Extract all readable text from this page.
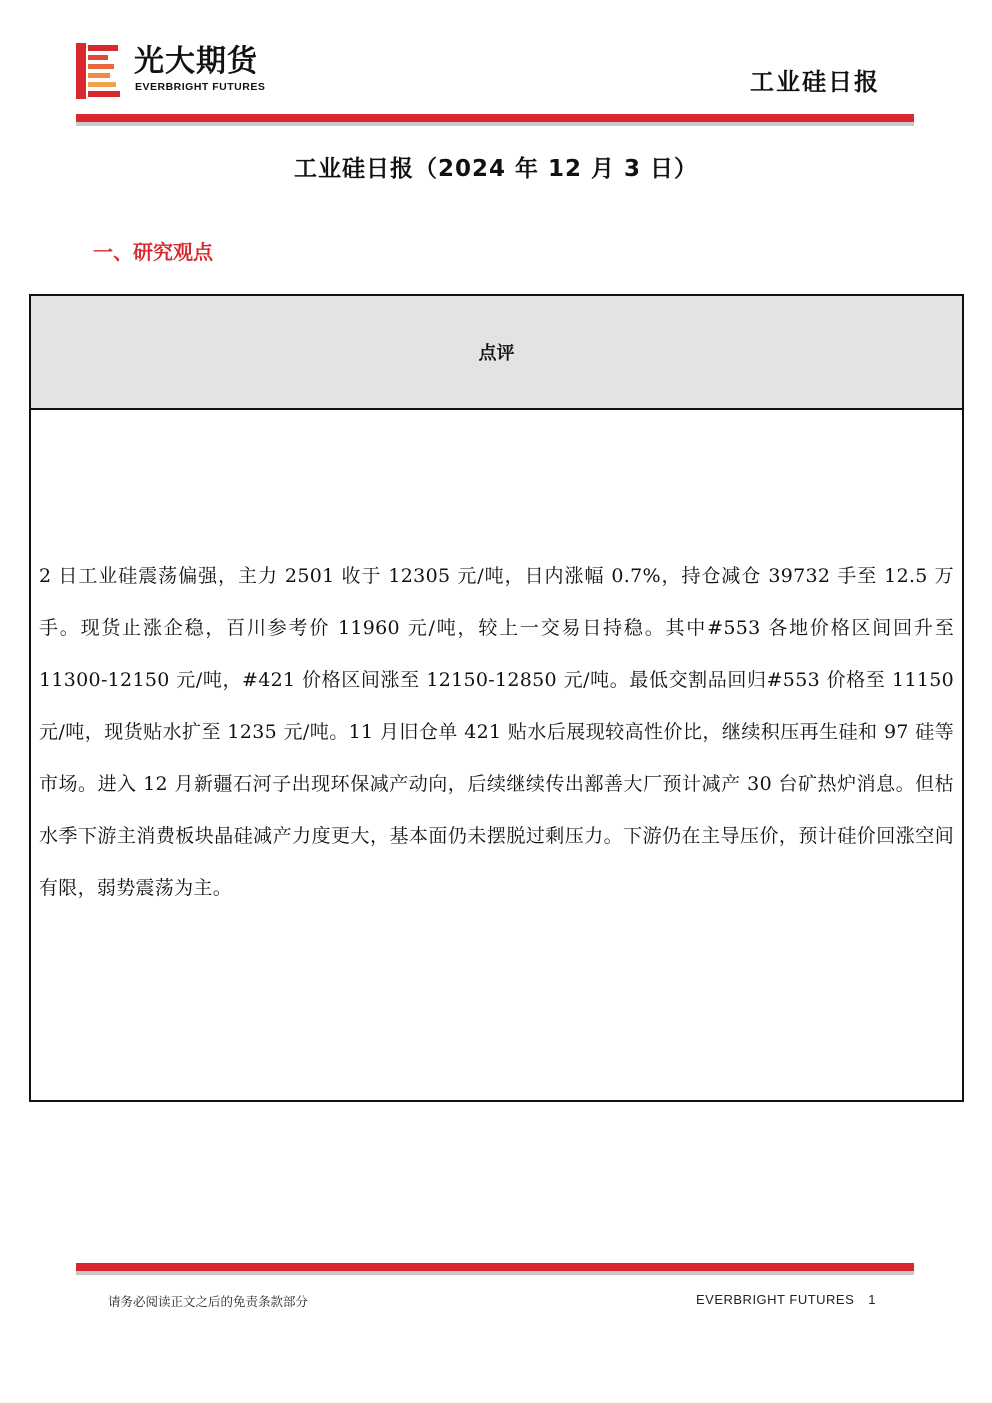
光大期货
EVERBRIGHT FUTURES	工业硅日报
工业硅日报（2024 年 12 月 3 日）
一、研究观点
点评
2 日工业硅震荡偏强，主力 2501 收于 12305 元/吨，日内涨幅 0.7%，持仓减仓 39732 手至 12.5 万手。现货止涨企稳，百川参考价 11960 元/吨，较上一交易日持稳。其中#553 各地价格区间回升至 11300-12150 元/吨，#421 价格区间涨至 12150-12850 元/吨。最低交割品回归#553 价格至 11150 元/吨，现货贴水扩至 1235 元/吨。11 月旧仓单 421 贴水后展现较高性价比，继续积压再生硅和 97 硅等市场。进入 12 月新疆石河子出现环保减产动向，后续继续传出鄯善大厂预计减产 30 台矿热炉消息。但枯水季下游主消费板块晶硅减产力度更大，基本面仍未摆脱过剩压力。下游仍在主导压价，预计硅价回涨空间有限，弱势震荡为主。
请务必阅读正文之后的免责条款部分	EVERBRIGHT FUTURES 1
